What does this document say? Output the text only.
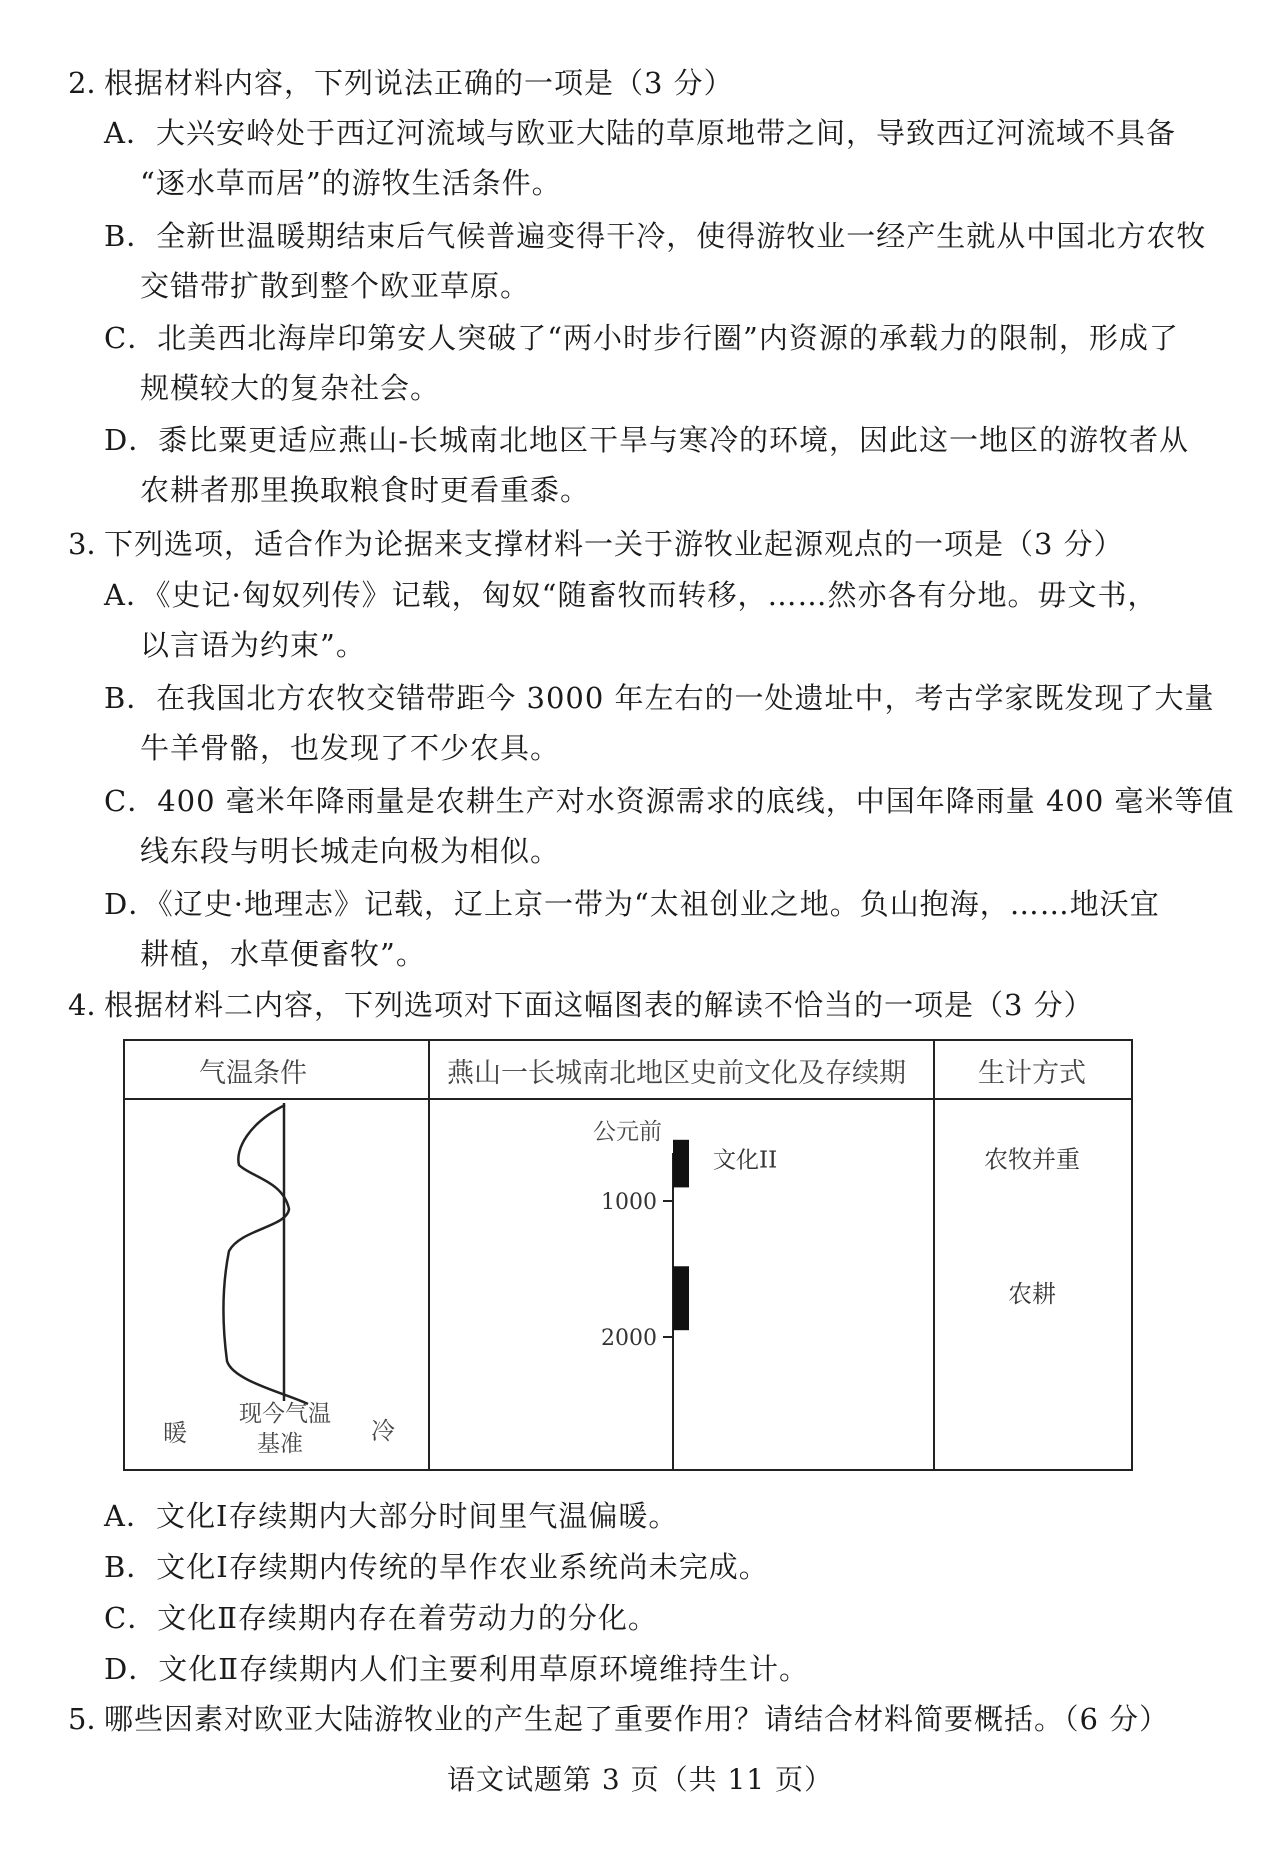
2．
根据材料内容，下列说法正确的一项是（3 分）
A．大兴安岭处于西辽河流域与欧亚大陆的草原地带之间，导致西辽河流域不具备
“逐水草而居”的游牧生活条件。
B．全新世温暖期结束后气候普遍变得干冷，使得游牧业一经产生就从中国北方农牧
交错带扩散到整个欧亚草原。
C．北美西北海岸印第安人突破了“两小时步行圈”内资源的承载力的限制，形成了
规模较大的复杂社会。
D．黍比粟更适应燕山-长城南北地区干旱与寒冷的环境，因此这一地区的游牧者从
农耕者那里换取粮食时更看重黍。
3．
下列选项，适合作为论据来支撑材料一关于游牧业起源观点的一项是（3 分）
A．《史记·匈奴列传》记载，匈奴“随畜牧而转移，……然亦各有分地。毋文书，
以言语为约束”。
B．在我国北方农牧交错带距今 3000 年左右的一处遗址中，考古学家既发现了大量
牛羊骨骼，也发现了不少农具。
C．400 毫米年降雨量是农耕生产对水资源需求的底线，中国年降雨量 400 毫米等值
线东段与明长城走向极为相似。
D．《辽史·地理志》记载，辽上京一带为“太祖创业之地。负山抱海，……地沃宜
耕植，水草便畜牧”。
4．
根据材料二内容，下列选项对下面这幅图表的解读不恰当的一项是（3 分）
1000
2000
文化II	农牧并重
农耕
气温条件	燕山一长城南北地区史前文化及存续期	生计方式
暖
现今气温
基准	冷
公元前
A．文化Ⅰ存续期内大部分时间里气温偏暖。
B．文化Ⅰ存续期内传统的旱作农业系统尚未完成。
C．文化Ⅱ存续期内存在着劳动力的分化。
D．文化Ⅱ存续期内人们主要利用草原环境维持生计。
5．
哪些因素对欧亚大陆游牧业的产生起了重要作用？请结合材料简要概括。（6 分）
语文试题第 3 页（共 11 页）
